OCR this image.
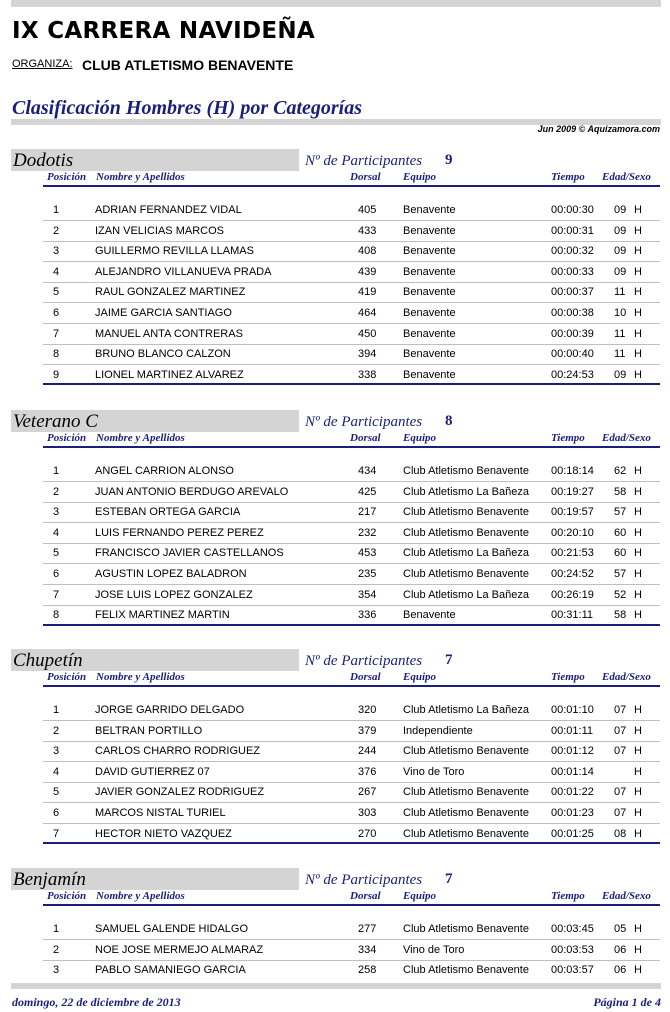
IX CARRERA NAVIDEÑA
ORGANIZA: CLUB ATLETISMO BENAVENTE
Clasificación Hombres (H) por Categorías
Jun 2009 © Aquizamora.com
Dodotis	Nº de Participantes 9
Posición Nombre y Apellidos	Dorsal Equipo	Tiempo Edad/Sexo
1	ADRIAN FERNANDEZ VIDAL	405 Benavente	00:00:30 09 H
2	IZAN VELICIAS MARCOS	433 Benavente	00:00:31 09 H
3	GUILLERMO REVILLA LLAMAS	408 Benavente	00:00:32 09 H
4	ALEJANDRO VILLANUEVA PRADA	439 Benavente	00:00:33 09 H
5	RAUL GONZALEZ MARTINEZ	419 Benavente	00:00:37 11 H
6	JAIME GARCIA SANTIAGO	464 Benavente	00:00:38 10 H
7	MANUEL ANTA CONTRERAS	450 Benavente	00:00:39 11 H
8	BRUNO BLANCO CALZON	394 Benavente	00:00:40 11 H
9	LIONEL MARTINEZ ALVAREZ	338 Benavente	00:24:53 09 H
Veterano C	Nº de Participantes 8
Posición Nombre y Apellidos	Dorsal Equipo	Tiempo Edad/Sexo
1	ANGEL CARRION ALONSO	434 Club Atletismo Benavente 00:18:14 62 H
2	JUAN ANTONIO BERDUGO AREVALO	425 Club Atletismo La Bañeza 00:19:27 58 H
3	ESTEBAN ORTEGA GARCIA	217 Club Atletismo Benavente 00:19:57 57 H
4	LUIS FERNANDO PEREZ PEREZ	232 Club Atletismo Benavente 00:20:10 60 H
5	FRANCISCO JAVIER CASTELLANOS	453 Club Atletismo La Bañeza 00:21:53 60 H
6	AGUSTIN LOPEZ BALADRON	235 Club Atletismo Benavente 00:24:52 57 H
7	JOSE LUIS LOPEZ GONZALEZ	354 Club Atletismo La Bañeza 00:26:19 52 H
8	FELIX MARTINEZ MARTIN	336 Benavente	00:31:11 58 H
Chupetín	Nº de Participantes 7
Posición Nombre y Apellidos	Dorsal Equipo	Tiempo Edad/Sexo
1	JORGE GARRIDO DELGADO	320 Club Atletismo La Bañeza 00:01:10 07 H
2	BELTRAN PORTILLO	379 Independiente	00:01:11 07 H
3	CARLOS CHARRO RODRIGUEZ	244 Club Atletismo Benavente 00:01:12 07 H
4	DAVID GUTIERREZ 07	376 Vino de Toro	00:01:14	H
5	JAVIER GONZALEZ RODRIGUEZ	267 Club Atletismo Benavente 00:01:22 07 H
6	MARCOS NISTAL TURIEL	303 Club Atletismo Benavente 00:01:23 07 H
7	HECTOR NIETO VAZQUEZ	270 Club Atletismo Benavente 00:01:25 08 H
Benjamín	Nº de Participantes 7
Posición Nombre y Apellidos	Dorsal Equipo	Tiempo Edad/Sexo
1	SAMUEL GALENDE HIDALGO	277 Club Atletismo Benavente 00:03:45 05 H
2	NOE JOSE MERMEJO ALMARAZ	334 Vino de Toro	00:03:53 06 H
3	PABLO SAMANIEGO GARCIA	258 Club Atletismo Benavente 00:03:57 06 H
domingo, 22 de diciembre de 2013	Página 1 de 4
